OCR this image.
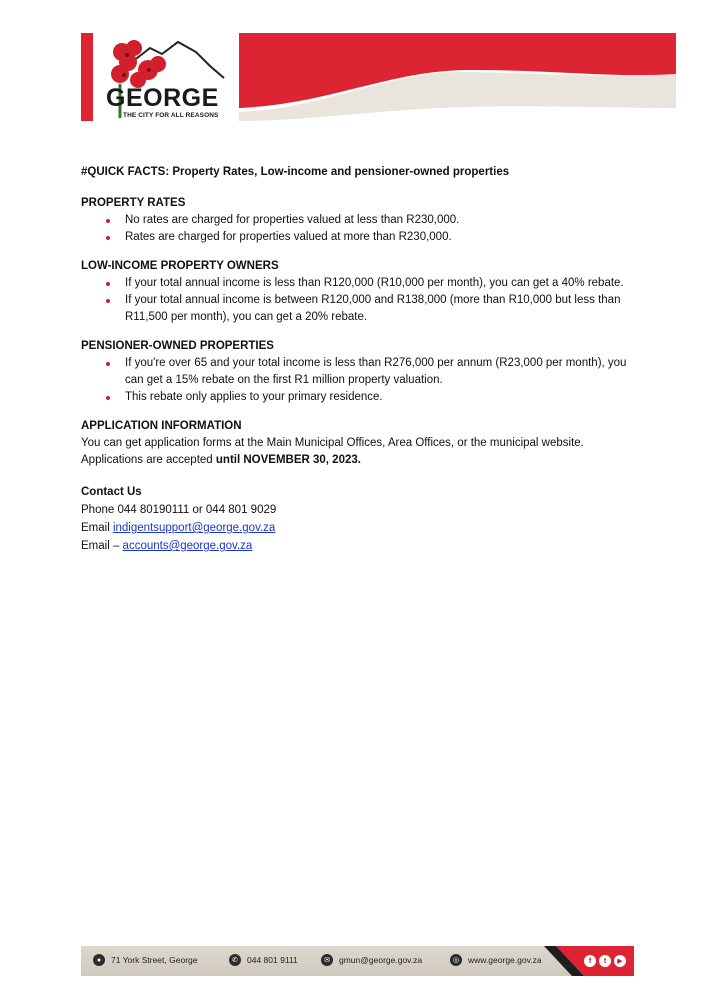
GEORGE
THE CITY FOR ALL REASONS

#QUICK FACTS: Property Rates, Low-income and pensioner-owned properties

PROPERTY RATES

No rates are charged for properties valued at less than R230,000.
Rates are charged for properties valued at more than R230,000.

LOW-INCOME PROPERTY OWNERS

If your total annual income is less than R120,000 (R10,000 per month), you can get a 40% rebate.
If your total annual income is between R120,000 and R138,000 (more than R10,000 but less than R11,500 per month), you can get a 20% rebate.

PENSIONER-OWNED PROPERTIES

If you're over 65 and your total income is less than R276,000 per annum (R23,000 per month), you can get a 15% rebate on the first R1 million property valuation.
This rebate only applies to your primary residence.

APPLICATION INFORMATION

You can get application forms at the Main Municipal Offices, Area Offices, or the municipal website.

Applications are accepted until NOVEMBER 30, 2023.

Contact Us

Phone 044 80190111 or 044 801 9029

Email indigentsupport@george.gov.za

Email – accounts@george.gov.za

●	71 York Street, George	✆	044 801 9111	✉	gmun@george.gov.za	◎	www.george.gov.za	f	t	▶
